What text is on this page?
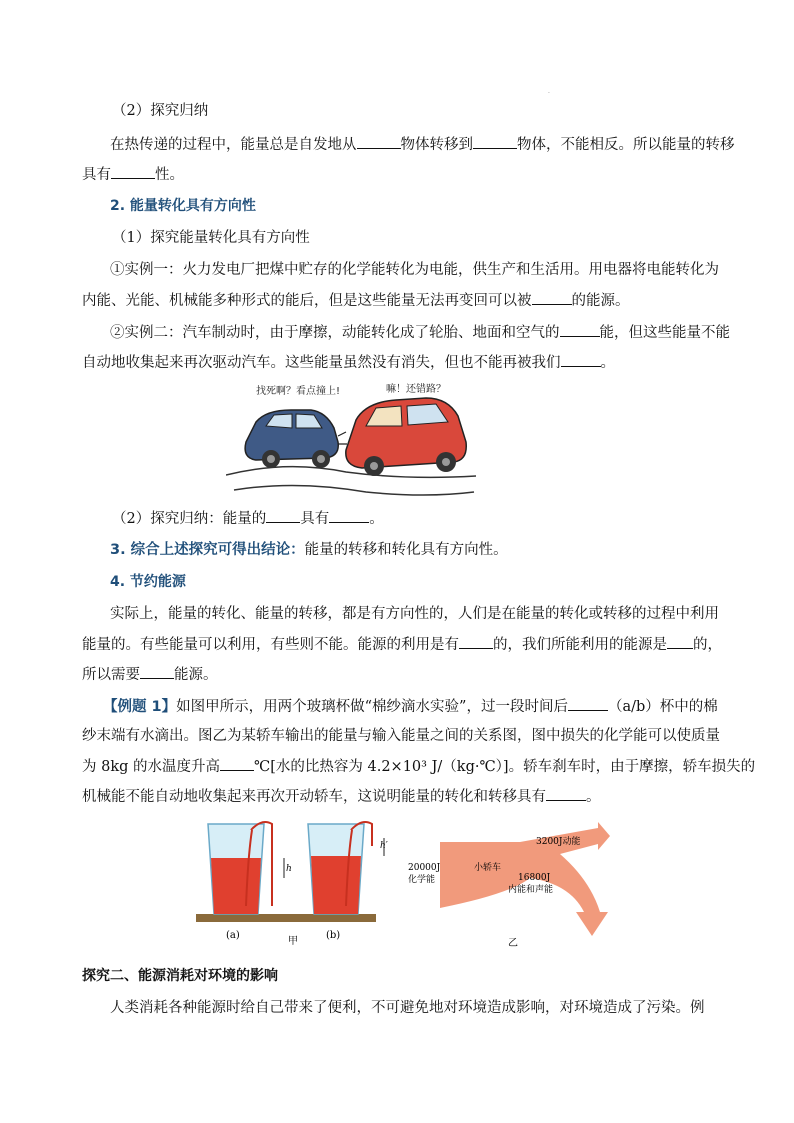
·
（2）探究归纳
在热传递的过程中，能量总是自发地从	物体转移到	物体，不能相反。所以能量的转移
具有	性。
2. 能量转化具有方向性
（1）探究能量转化具有方向性
①实例一：火力发电厂把煤中贮存的化学能转化为电能，供生产和生活用。用电器将电能转化为
内能、光能、机械能多种形式的能后，但是这些能量无法再变回可以被	的能源。
②实例二：汽车制动时，由于摩擦，动能转化成了轮胎、地面和空气的	能，但这些能量不能
自动地收集起来再次驱动汽车。这些能量虽然没有消失，但也不能再被我们	。
找死啊？看点撞上!	嘛！还错路？
（2）探究归纳：能量的 具有	。
3. 综合上述探究可得出结论：能量的转移和转化具有方向性。
4. 节约能源
实际上，能量的转化、能量的转移，都是有方向性的，人们是在能量的转化或转移的过程中利用
能量的。有些能量可以利用，有些则不能。能源的利用是有 的，我们所能利用的能源是 的，
所以需要 能源。
【例题 1】如图甲所示，用两个玻璃杯做“棉纱滴水实验”，过一段时间后	（a/b）杯中的棉
纱末端有水滴出。图乙为某轿车输出的能量与输入能量之间的关系图，图中损失的化学能可以使质量
为 8kg 的水温度升高 ℃[水的比热容为 4.2×10³ J/（kg·℃）]。轿车刹车时，由于摩擦，轿车损失的
机械能不能自动地收集起来再次开动轿车，这说明能量的转化和转移具有	。
h
(a)
h′
(b)
甲
20000J
化学能
小轿车
3200J动能
16800J
内能和声能
乙
探究二、能源消耗对环境的影响
人类消耗各种能源时给自己带来了便利，不可避免地对环境造成影响，对环境造成了污染。例
